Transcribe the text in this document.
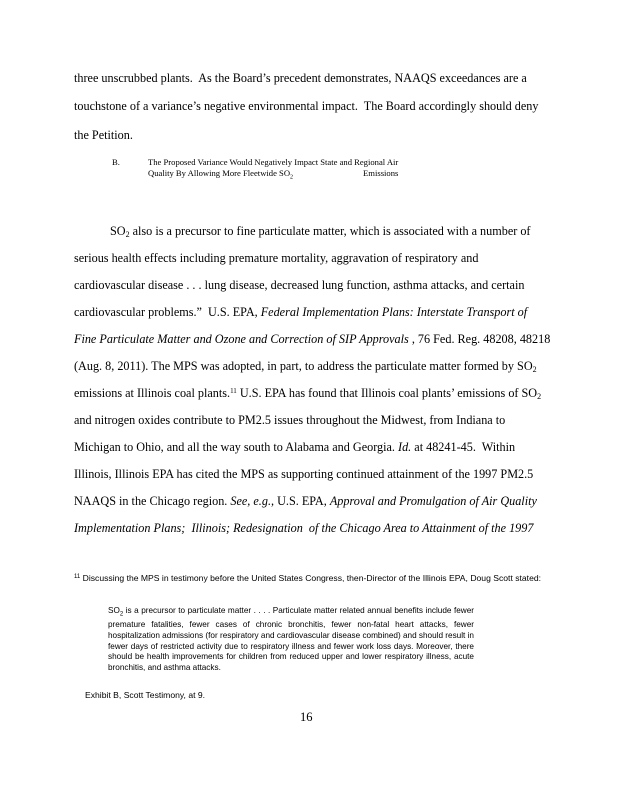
three unscrubbed plants.  As the Board’s precedent demonstrates, NAAQS exceedances are a
touchstone of a variance’s negative environmental impact.  The Board accordingly should deny
the Petition.
B.	The Proposed Variance Would Negatively Impact State and Regional Air
Quality By Allowing More Fleetwide $SO_2$	Emissions
$SO_2$ also is a precursor to fine particulate matter, which is associated with a number of
serious health effects including premature mortality, aggravation of respiratory and
cardiovascular disease . . . lung disease, decreased lung function, asthma attacks, and certain
cardiovascular problems.”  U.S. EPA, Federal Implementation Plans: Interstate Transport of
Fine Particulate Matter and Ozone and Correction of SIP Approvals , 76 Fed. Reg. 48208, 48218
(Aug. 8, 2011). The MPS was adopted, in part, to address the particulate matter formed by $SO_2$
emissions at Illinois coal plants.$^{11}$ U.S. EPA has found that Illinois coal plants’ emissions of $SO_2$
and nitrogen oxides contribute to PM2.5 issues throughout the Midwest, from Indiana to
Michigan to Ohio, and all the way south to Alabama and Georgia. Id. at 48241-45.  Within
Illinois, Illinois EPA has cited the MPS as supporting continued attainment of the 1997 PM2.5
NAAQS in the Chicago region. See, e.g., U.S. EPA, Approval and Promulgation of Air Quality
Implementation Plans;  Illinois; Redesignation  of the Chicago Area to Attainment of the 1997
$^{11}$ Discussing the MPS in testimony before the United States Congress, then-Director of the Illinois EPA, Doug Scott stated:

$SO_2$ is a precursor to particulate matter . . . . Particulate matter related annual benefits include fewer premature fatalities, fewer cases of chronic bronchitis, fewer non-fatal heart attacks, fewer hospitalization admissions (for respiratory and cardiovascular disease combined) and should result in fewer days of restricted activity due to respiratory illness and fewer work loss days. Moreover, there should be health improvements for children from reduced upper and lower respiratory illness, acute bronchitis, and asthma attacks.

Exhibit B, Scott Testimony, at 9.
16
